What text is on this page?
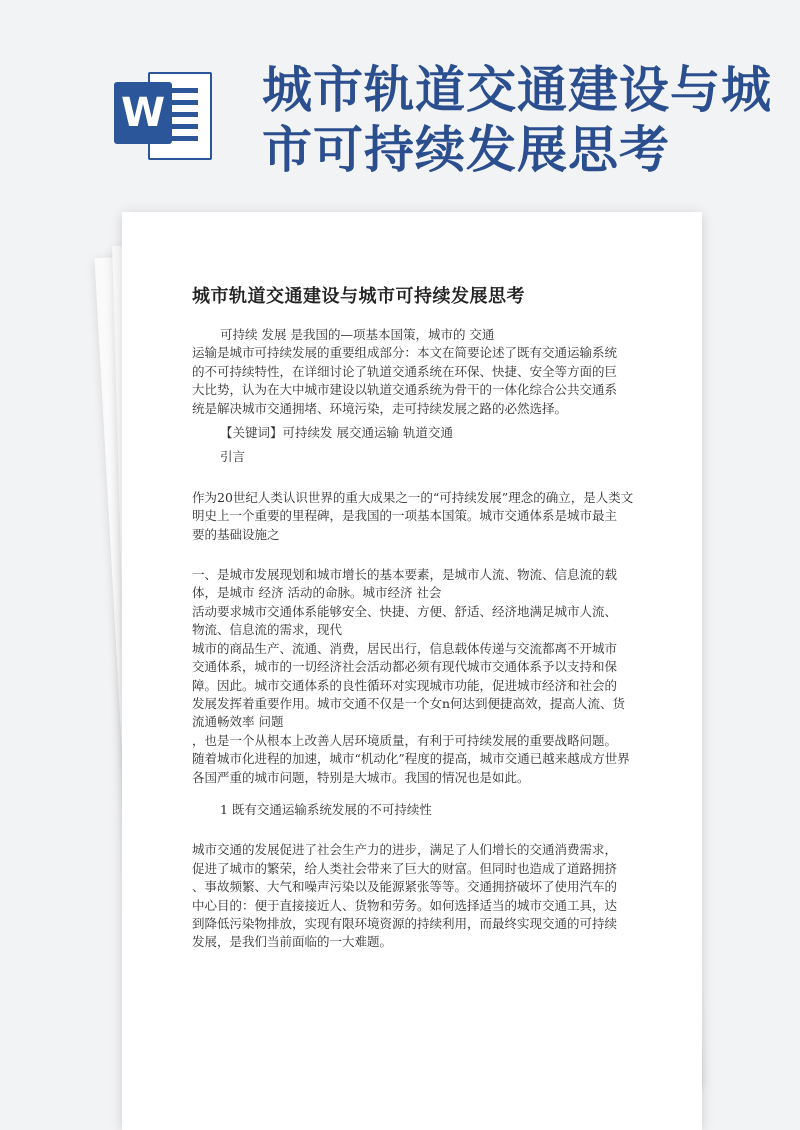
W 城市轨道交通建设与城
市可持续发展思考
城市轨道交通建设与城市可持续发展思考

可持续 发展 是我国的—项基本国策，城市的 交通

运输是城市可持续发展的重要组成部分：本文在简要论述了既有交通运输系统

的不可持续特性，在详细讨论了轨道交通系统在环保、快捷、安全等方面的巨

大比势，认为在大中城市建设以轨道交通系统为骨干的一体化综合公共交通系

统是解决城市交通拥堵、环境污染，走可持续发展之路的必然选择。

【关键词】可持续发 展交通运输 轨道交通

引言

作为20世纪人类认识世界的重大成果之一的“可持续发展”理念的确立，是人类文

明史上一个重要的里程碑，是我国的一项基本国策。城市交通体系是城市最主

要的基础设施之

一、是城市发展现划和城市增长的基本要素，是城市人流、物流、信息流的载

体，是城市 经济 活动的命脉。城市经济 社会

活动要求城市交通体系能够安全、快捷、方便、舒适、经济地满足城市人流、

物流、信息流的需求，现代

城市的商品生产、流通、消费，居民出行，信息载体传递与交流都离不开城市

交通体系，城市的一切经济社会活动都必须有现代城市交通体系予以支持和保

障。因此。城市交通体系的良性循环对实现城市功能，促进城市经济和社会的

发展发挥着重要作用。城市交通不仅是一个女n何达到便捷高效，提高人流、货

流通畅效率 问题

，也是一个从根本上改善人居环境质量，有利于可持续发展的重要战略问题。

随着城市化进程的加速，城市“机动化”程度的提高，城市交通已越来越成方世界

各国严重的城市问题，特别是大城市。我国的情况也是如此。

1 既有交通运输系统发展的不可持续性

城市交通的发展促进了社会生产力的进步，满足了人们增长的交通消费需求，

促进了城市的繁荣，给人类社会带来了巨大的财富。但同时也造成了道路拥挤

、事故频繁、大气和噪声污染以及能源紧张等等。交通拥挤破坏了使用汽车的

中心目的：便于直接接近人、货物和劳务。如何选择适当的城市交通工具，达

到降低污染物排放，实现有限环境资源的持续利用，而最终实现交通的可持续

发展，是我们当前面临的一大难题。
